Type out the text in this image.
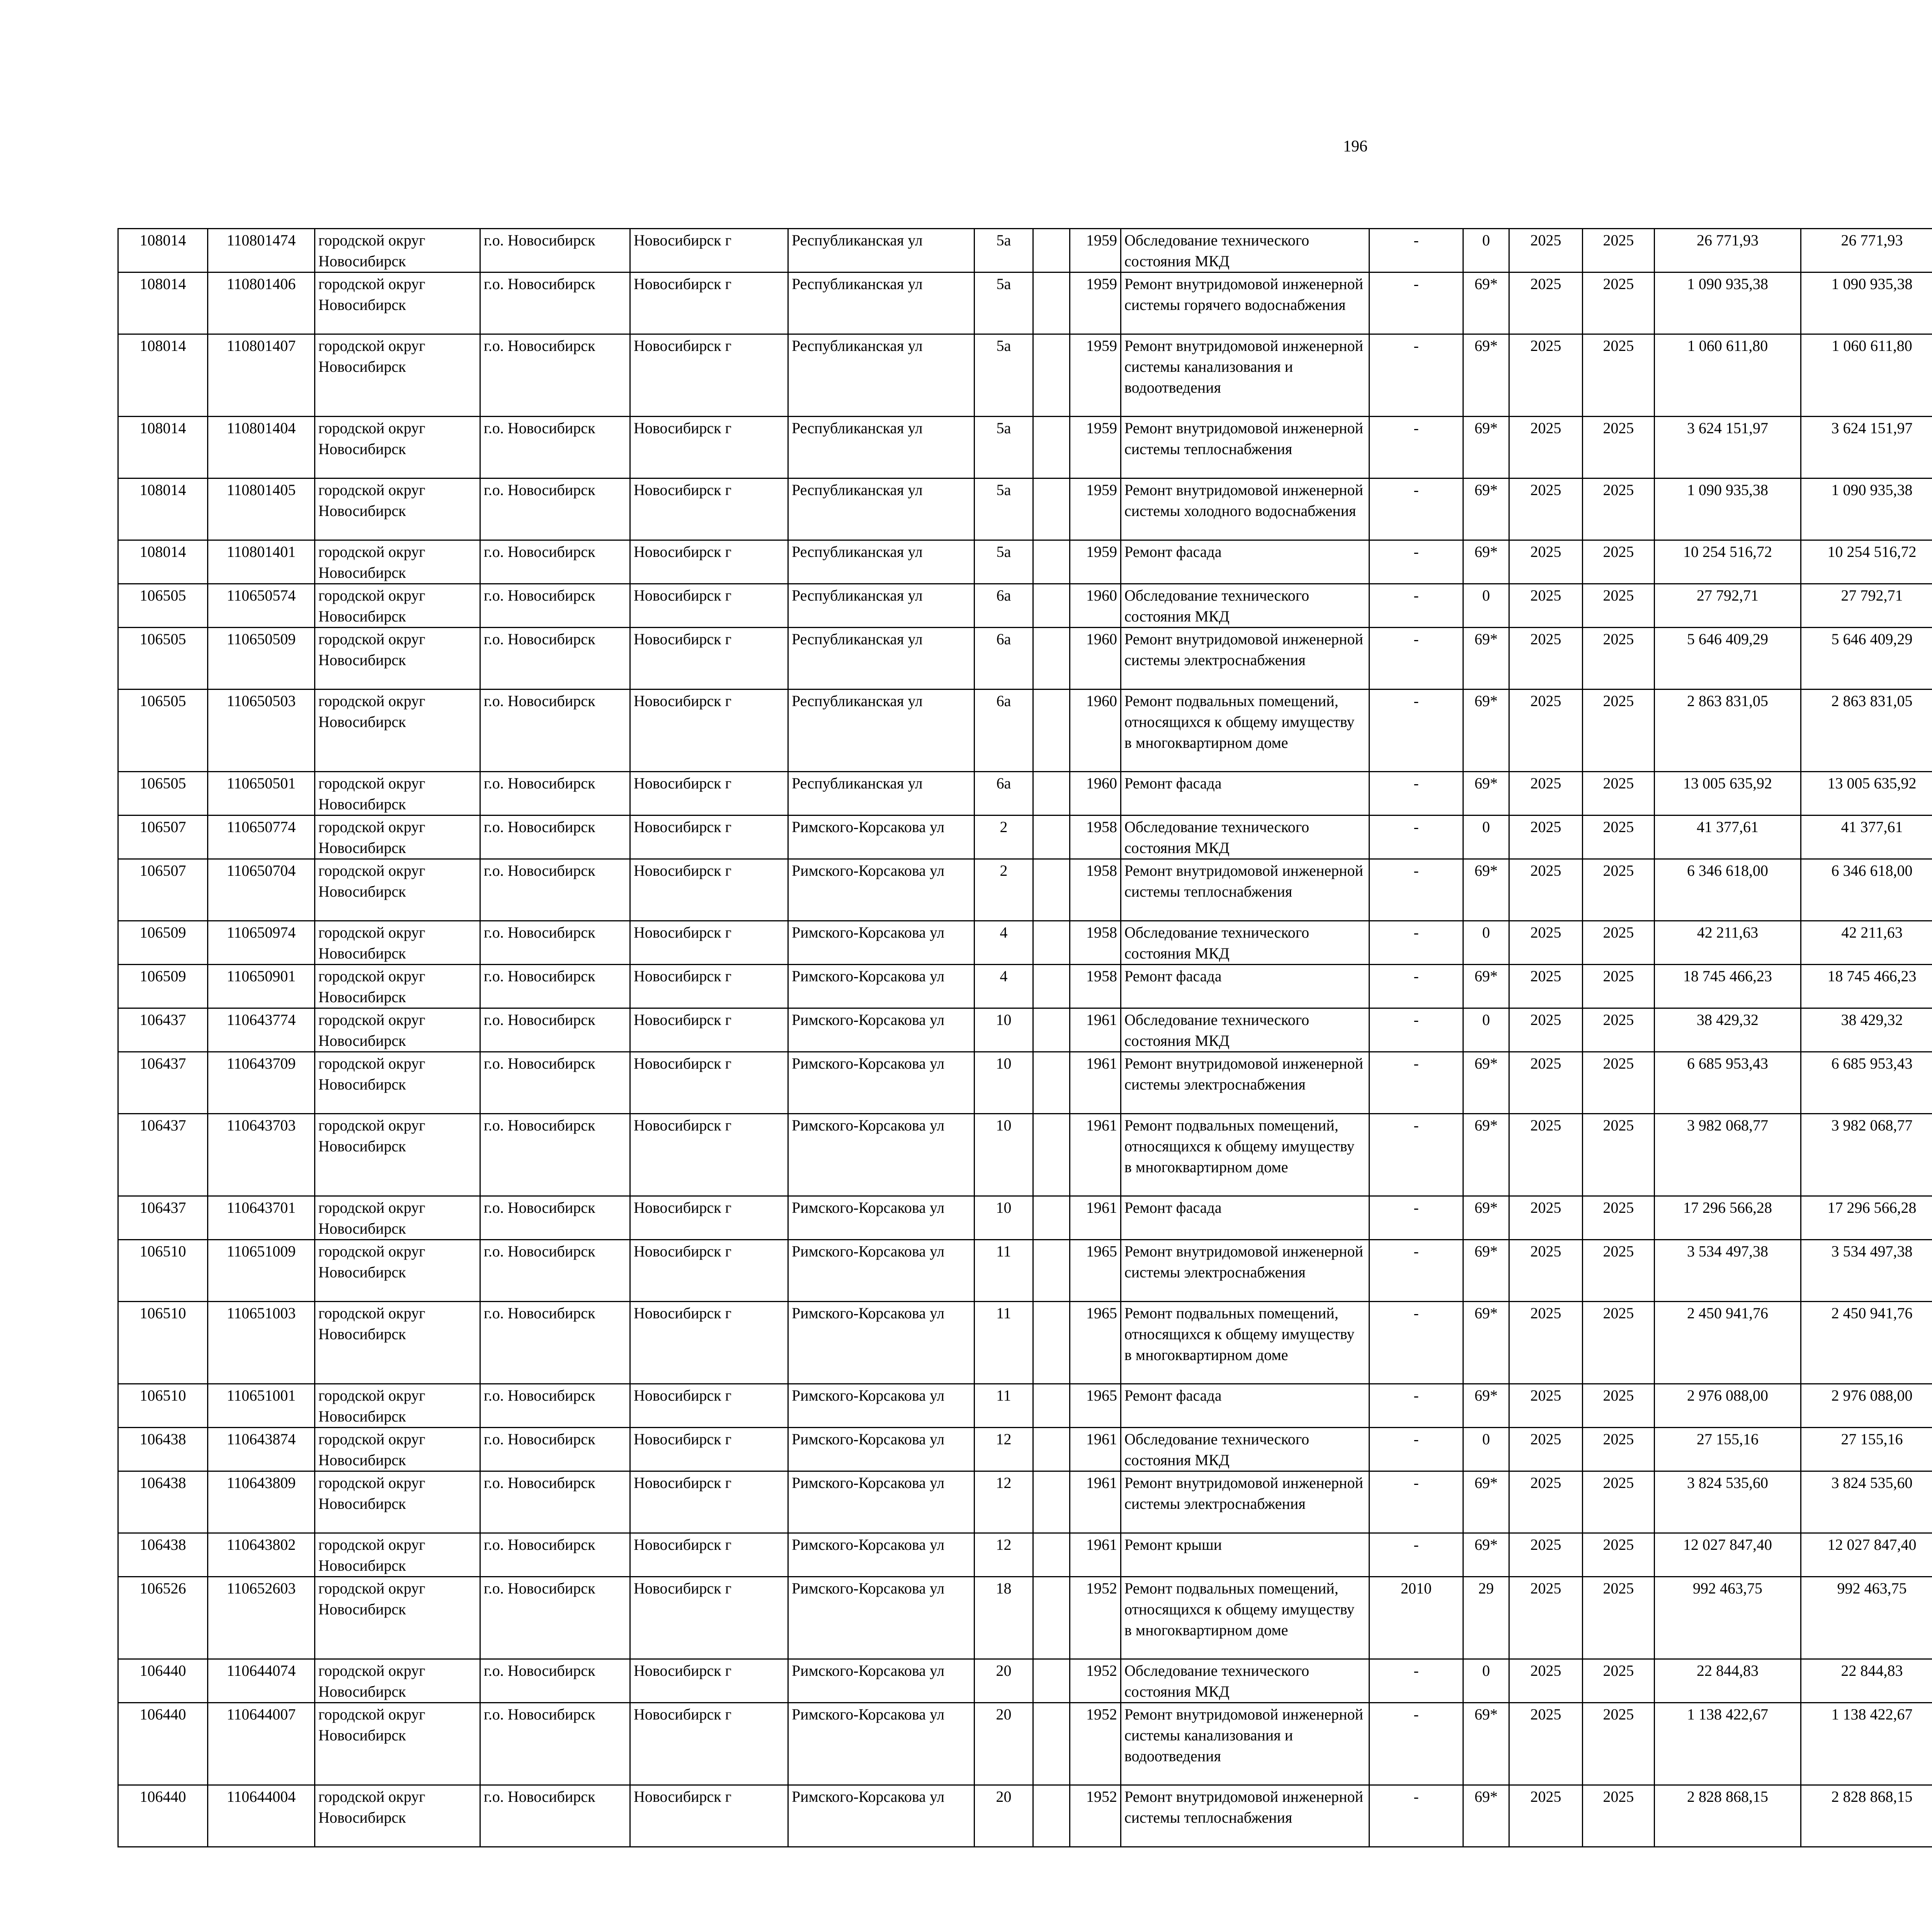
196
108014	110801474	городской округ Новосибирск	г.о. Новосибирск	Новосибирск г	Республиканская ул	5а		1959	Обследование технического состояния МКД	-	0	2025	2025	26 771,93	26 771,93						
108014	110801406	городской округ Новосибирск	г.о. Новосибирск	Новосибирск г	Республиканская ул	5а		1959	Ремонт внутридомовой инженерной системы горячего водоснабжения	-	69*	2025	2025	1 090 935,38	1 090 935,38						
108014	110801407	городской округ Новосибирск	г.о. Новосибирск	Новосибирск г	Республиканская ул	5а		1959	Ремонт внутридомовой инженерной системы канализования и водоотведения	-	69*	2025	2025	1 060 611,80	1 060 611,80						
108014	110801404	городской округ Новосибирск	г.о. Новосибирск	Новосибирск г	Республиканская ул	5а		1959	Ремонт внутридомовой инженерной системы теплоснабжения	-	69*	2025	2025	3 624 151,97	3 624 151,97						
108014	110801405	городской округ Новосибирск	г.о. Новосибирск	Новосибирск г	Республиканская ул	5а		1959	Ремонт внутридомовой инженерной системы холодного водоснабжения	-	69*	2025	2025	1 090 935,38	1 090 935,38						
108014	110801401	городской округ Новосибирск	г.о. Новосибирск	Новосибирск г	Республиканская ул	5а		1959	Ремонт фасада	-	69*	2025	2025	10 254 516,72	10 254 516,72						
106505	110650574	городской округ Новосибирск	г.о. Новосибирск	Новосибирск г	Республиканская ул	6а		1960	Обследование технического состояния МКД	-	0	2025	2025	27 792,71	27 792,71						
106505	110650509	городской округ Новосибирск	г.о. Новосибирск	Новосибирск г	Республиканская ул	6а		1960	Ремонт внутридомовой инженерной системы электроснабжения	-	69*	2025	2025	5 646 409,29	5 646 409,29						
106505	110650503	городской округ Новосибирск	г.о. Новосибирск	Новосибирск г	Республиканская ул	6а		1960	Ремонт подвальных помещений, относящихся к общему имуществу в многоквартирном доме	-	69*	2025	2025	2 863 831,05	2 863 831,05						
106505	110650501	городской округ Новосибирск	г.о. Новосибирск	Новосибирск г	Республиканская ул	6а		1960	Ремонт фасада	-	69*	2025	2025	13 005 635,92	13 005 635,92						
106507	110650774	городской округ Новосибирск	г.о. Новосибирск	Новосибирск г	Римского-Корсакова ул	2		1958	Обследование технического состояния МКД	-	0	2025	2025	41 377,61	41 377,61						
106507	110650704	городской округ Новосибирск	г.о. Новосибирск	Новосибирск г	Римского-Корсакова ул	2		1958	Ремонт внутридомовой инженерной системы теплоснабжения	-	69*	2025	2025	6 346 618,00	6 346 618,00						
106509	110650974	городской округ Новосибирск	г.о. Новосибирск	Новосибирск г	Римского-Корсакова ул	4		1958	Обследование технического состояния МКД	-	0	2025	2025	42 211,63	42 211,63						
106509	110650901	городской округ Новосибирск	г.о. Новосибирск	Новосибирск г	Римского-Корсакова ул	4		1958	Ремонт фасада	-	69*	2025	2025	18 745 466,23	18 745 466,23						
106437	110643774	городской округ Новосибирск	г.о. Новосибирск	Новосибирск г	Римского-Корсакова ул	10		1961	Обследование технического состояния МКД	-	0	2025	2025	38 429,32	38 429,32						
106437	110643709	городской округ Новосибирск	г.о. Новосибирск	Новосибирск г	Римского-Корсакова ул	10		1961	Ремонт внутридомовой инженерной системы электроснабжения	-	69*	2025	2025	6 685 953,43	6 685 953,43						
106437	110643703	городской округ Новосибирск	г.о. Новосибирск	Новосибирск г	Римского-Корсакова ул	10		1961	Ремонт подвальных помещений, относящихся к общему имуществу в многоквартирном доме	-	69*	2025	2025	3 982 068,77	3 982 068,77						
106437	110643701	городской округ Новосибирск	г.о. Новосибирск	Новосибирск г	Римского-Корсакова ул	10		1961	Ремонт фасада	-	69*	2025	2025	17 296 566,28	17 296 566,28						
106510	110651009	городской округ Новосибирск	г.о. Новосибирск	Новосибирск г	Римского-Корсакова ул	11		1965	Ремонт внутридомовой инженерной системы электроснабжения	-	69*	2025	2025	3 534 497,38	3 534 497,38						
106510	110651003	городской округ Новосибирск	г.о. Новосибирск	Новосибирск г	Римского-Корсакова ул	11		1965	Ремонт подвальных помещений, относящихся к общему имуществу в многоквартирном доме	-	69*	2025	2025	2 450 941,76	2 450 941,76						
106510	110651001	городской округ Новосибирск	г.о. Новосибирск	Новосибирск г	Римского-Корсакова ул	11		1965	Ремонт фасада	-	69*	2025	2025	2 976 088,00	2 976 088,00						
106438	110643874	городской округ Новосибирск	г.о. Новосибирск	Новосибирск г	Римского-Корсакова ул	12		1961	Обследование технического состояния МКД	-	0	2025	2025	27 155,16	27 155,16						
106438	110643809	городской округ Новосибирск	г.о. Новосибирск	Новосибирск г	Римского-Корсакова ул	12		1961	Ремонт внутридомовой инженерной системы электроснабжения	-	69*	2025	2025	3 824 535,60	3 824 535,60						
106438	110643802	городской округ Новосибирск	г.о. Новосибирск	Новосибирск г	Римского-Корсакова ул	12		1961	Ремонт крыши	-	69*	2025	2025	12 027 847,40	12 027 847,40						
106526	110652603	городской округ Новосибирск	г.о. Новосибирск	Новосибирск г	Римского-Корсакова ул	18		1952	Ремонт подвальных помещений, относящихся к общему имуществу в многоквартирном доме	2010	29	2025	2025	992 463,75	992 463,75						
106440	110644074	городской округ Новосибирск	г.о. Новосибирск	Новосибирск г	Римского-Корсакова ул	20		1952	Обследование технического состояния МКД	-	0	2025	2025	22 844,83	22 844,83						
106440	110644007	городской округ Новосибирск	г.о. Новосибирск	Новосибирск г	Римского-Корсакова ул	20		1952	Ремонт внутридомовой инженерной системы канализования и водоотведения	-	69*	2025	2025	1 138 422,67	1 138 422,67						
106440	110644004	городской округ Новосибирск	г.о. Новосибирск	Новосибирск г	Римского-Корсакова ул	20		1952	Ремонт внутридомовой инженерной системы теплоснабжения	-	69*	2025	2025	2 828 868,15	2 828 868,15						
